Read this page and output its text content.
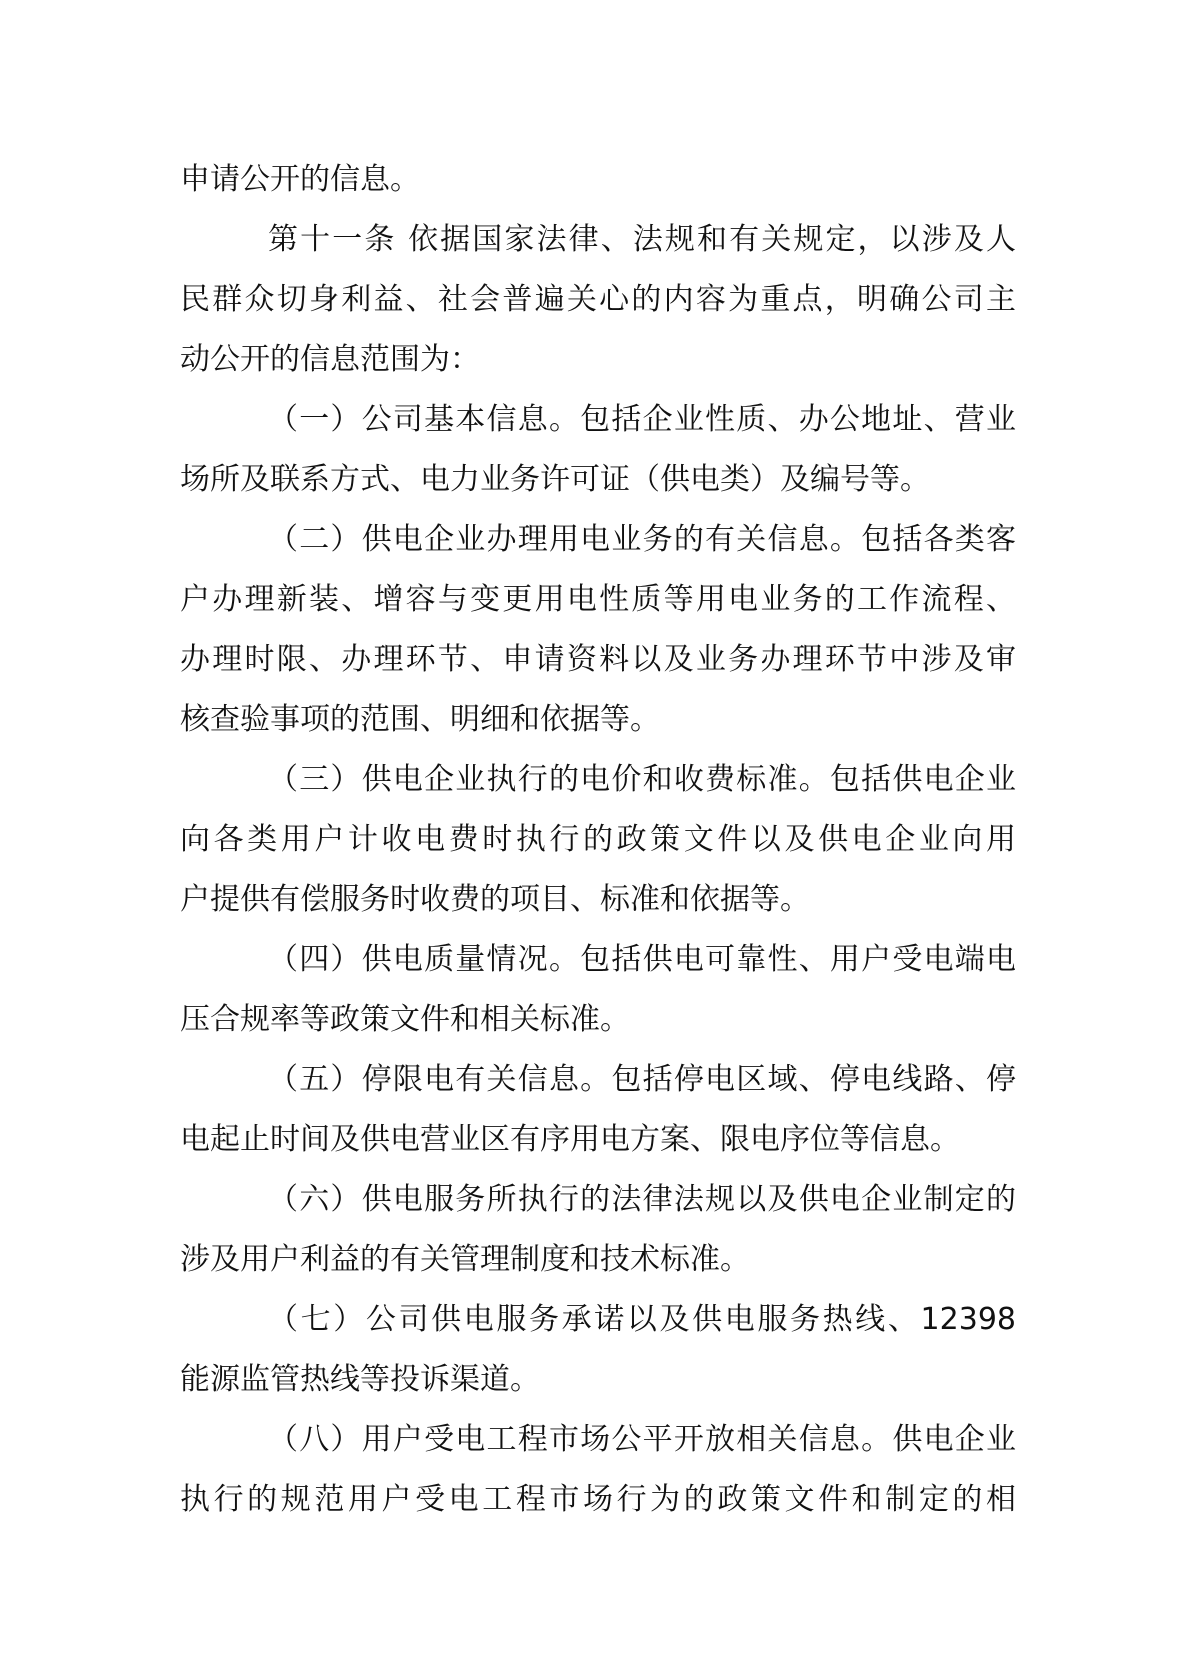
申请公开的信息。
第十一条 依据国家法律、法规和有关规定，以涉及人
民群众切身利益、社会普遍关心的内容为重点，明确公司主
动公开的信息范围为：
（一）公司基本信息。包括企业性质、办公地址、营业
场所及联系方式、电力业务许可证（供电类）及编号等。
（二）供电企业办理用电业务的有关信息。包括各类客
户办理新装、增容与变更用电性质等用电业务的工作流程、
办理时限、办理环节、申请资料以及业务办理环节中涉及审
核查验事项的范围、明细和依据等。
（三）供电企业执行的电价和收费标准。包括供电企业
向各类用户计收电费时执行的政策文件以及供电企业向用
户提供有偿服务时收费的项目、标准和依据等。
（四）供电质量情况。包括供电可靠性、用户受电端电
压合规率等政策文件和相关标准。
（五）停限电有关信息。包括停电区域、停电线路、停
电起止时间及供电营业区有序用电方案、限电序位等信息。
（六）供电服务所执行的法律法规以及供电企业制定的
涉及用户利益的有关管理制度和技术标准。
（七）公司供电服务承诺以及供电服务热线、12398
能源监管热线等投诉渠道。
（八）用户受电工程市场公平开放相关信息。供电企业
执行的规范用户受电工程市场行为的政策文件和制定的相
